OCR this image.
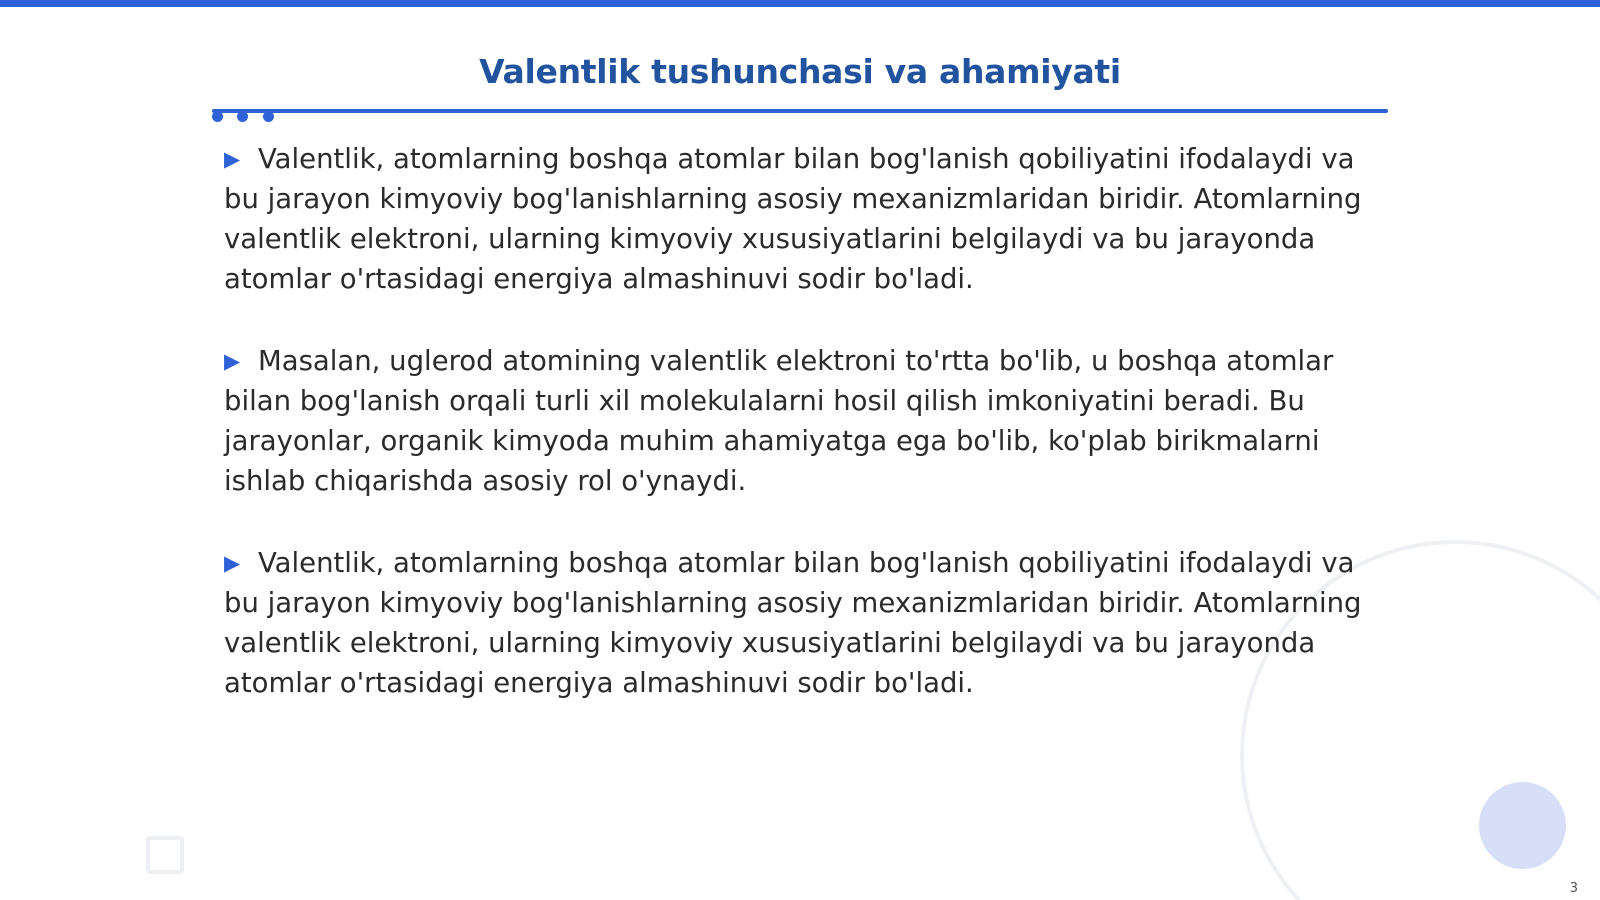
Valentlik tushunchasi va ahamiyati

▶ Valentlik, atomlarning boshqa atomlar bilan bog'lanish qobiliyatini ifodalaydi va bu jarayon kimyoviy bog'lanishlarning asosiy mexanizmlaridan biridir. Atomlarning valentlik elektroni, ularning kimyoviy xususiyatlarini belgilaydi va bu jarayonda atomlar o'rtasidagi energiya almashinuvi sodir bo'ladi.

▶ Masalan, uglerod atomining valentlik elektroni to'rtta bo'lib, u boshqa atomlar bilan bog'lanish orqali turli xil molekulalarni hosil qilish imkoniyatini beradi. Bu jarayonlar, organik kimyoda muhim ahamiyatga ega bo'lib, ko'plab birikmalarni ishlab chiqarishda asosiy rol o'ynaydi.

▶ Valentlik, atomlarning boshqa atomlar bilan bog'lanish qobiliyatini ifodalaydi va bu jarayon kimyoviy bog'lanishlarning asosiy mexanizmlaridan biridir. Atomlarning valentlik elektroni, ularning kimyoviy xususiyatlarini belgilaydi va bu jarayonda atomlar o'rtasidagi energiya almashinuvi sodir bo'ladi.

3
